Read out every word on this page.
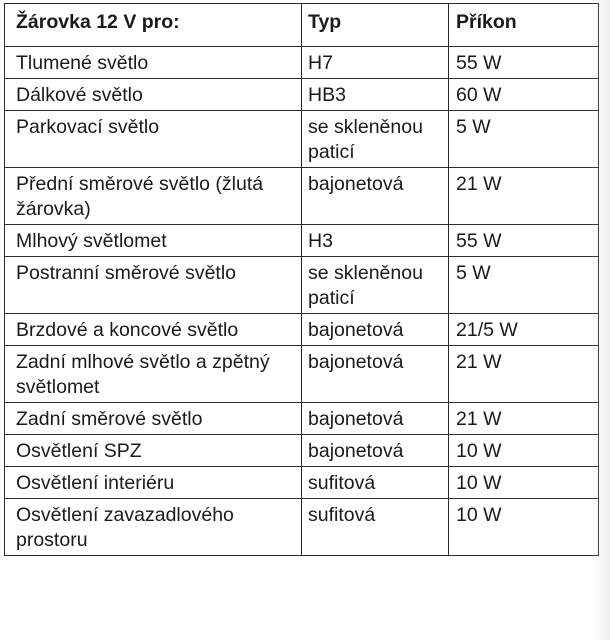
Žárovka 12 V pro:	Typ	Příkon
Tlumené světlo	H7	55 W
Dálkové světlo	HB3	60 W
Parkovací světlo	se skleněnou paticí	5 W
Přední směrové světlo (žlutá žárovka)	bajonetová	21 W
Mlhový světlomet	H3	55 W
Postranní směrové světlo	se skleněnou paticí	5 W
Brzdové a koncové světlo	bajonetová	21/5 W
Zadní mlhové světlo a zpětný světlomet	bajonetová	21 W
Zadní směrové světlo	bajonetová	21 W
Osvětlení SPZ	bajonetová	10 W
Osvětlení interiéru	sufitová	10 W
Osvětlení zavazadlového prostoru	sufitová	10 W
